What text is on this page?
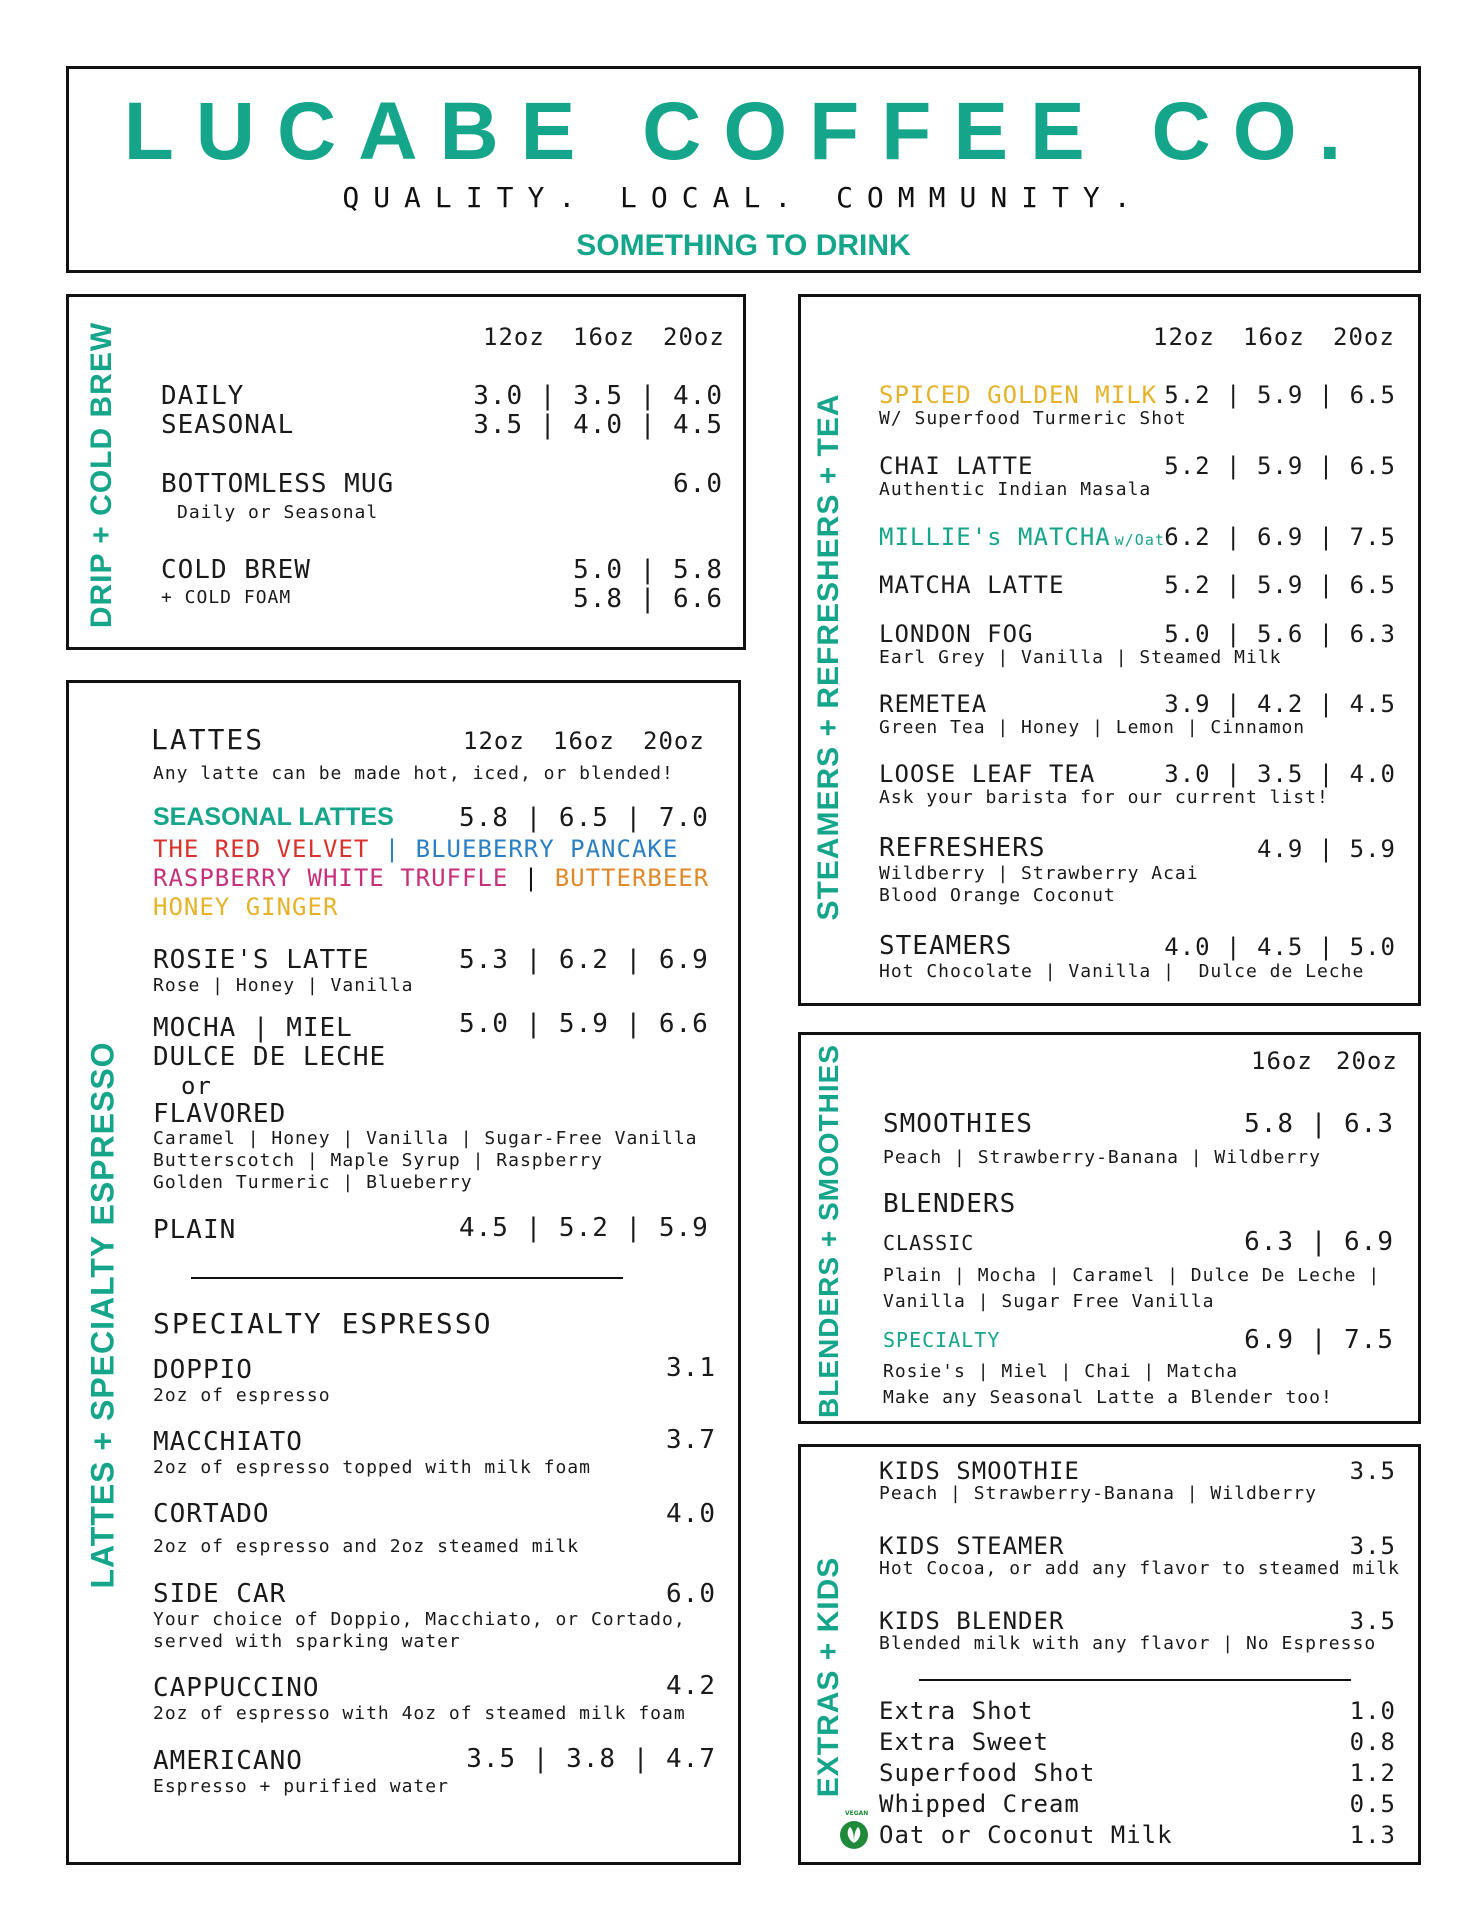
LUCABE COFFEE CO.
QUALITY. LOCAL. COMMUNITY.
SOMETHING TO DRINK
DRIP + COLD BREW	12oz 16oz 20oz
DAILY	3.0 | 3.5 | 4.0
SEASONAL	3.5 | 4.0 | 4.5
BOTTOMLESS MUG	6.0
Daily or Seasonal
COLD BREW	5.0 | 5.8
+ COLD FOAM	5.8 | 6.6
LATTES + SPECIALTY ESPRESSO
LATTES	12oz 16oz 20oz
Any latte can be made hot, iced, or blended!
SEASONAL LATTES	5.8 | 6.5 | 7.0
THE RED VELVET | BLUEBERRY PANCAKE
RASPBERRY WHITE TRUFFLE | BUTTERBEER
HONEY GINGER
ROSIE'S LATTE	5.3 | 6.2 | 6.9
Rose | Honey | Vanilla
MOCHA | MIEL	5.0 | 5.9 | 6.6
DULCE DE LECHE
or
FLAVORED
Caramel | Honey | Vanilla | Sugar-Free Vanilla
Butterscotch | Maple Syrup | Raspberry
Golden Turmeric | Blueberry
PLAIN	4.5 | 5.2 | 5.9
SPECIALTY ESPRESSO
DOPPIO	3.1
2oz of espresso
MACCHIATO	3.7
2oz of espresso topped with milk foam
CORTADO	4.0
2oz of espresso and 2oz steamed milk
SIDE CAR	6.0
Your choice of Doppio, Macchiato, or Cortado,
served with sparking water
CAPPUCCINO	4.2
2oz of espresso with 4oz of steamed milk foam
AMERICANO	3.5 | 3.8 | 4.7
Espresso + purified water
STEAMERS + REFRESHERS + TEA
12oz 16oz 20oz
SPICED GOLDEN MILK 5.2 | 5.9 | 6.5
W/ Superfood Turmeric Shot
CHAI LATTE	5.2 | 5.9 | 6.5
Authentic Indian Masala
MILLIE's MATCHA w/Oat 6.2 | 6.9 | 7.5
MATCHA LATTE	5.2 | 5.9 | 6.5
LONDON FOG	5.0 | 5.6 | 6.3
Earl Grey | Vanilla | Steamed Milk
REMETEA	3.9 | 4.2 | 4.5
Green Tea | Honey | Lemon | Cinnamon
LOOSE LEAF TEA	3.0 | 3.5 | 4.0
Ask your barista for our current list!
REFRESHERS	4.9 | 5.9
Wildberry | Strawberry Acai
Blood Orange Coconut
STEAMERS	4.0 | 4.5 | 5.0
Hot Chocolate | Vanilla |  Dulce de Leche
BLENDERS + SMOOTHIES	16oz 20oz
SMOOTHIES	5.8 | 6.3
Peach | Strawberry-Banana | Wildberry
BLENDERS
CLASSIC	6.3 | 6.9
Plain | Mocha | Caramel | Dulce De Leche |
Vanilla | Sugar Free Vanilla
SPECIALTY	6.9 | 7.5
Rosie's | Miel | Chai | Matcha
Make any Seasonal Latte a Blender too!
EXTRAS + KIDS
KIDS SMOOTHIE	3.5
Peach | Strawberry-Banana | Wildberry
KIDS STEAMER	3.5
Hot Cocoa, or add any flavor to steamed milk
KIDS BLENDER	3.5
Blended milk with any flavor | No Espresso
Extra Shot	1.0
Extra Sweet	0.8
Superfood Shot	1.2
Whipped Cream	0.5
Oat or Coconut Milk	1.3
VEGAN
